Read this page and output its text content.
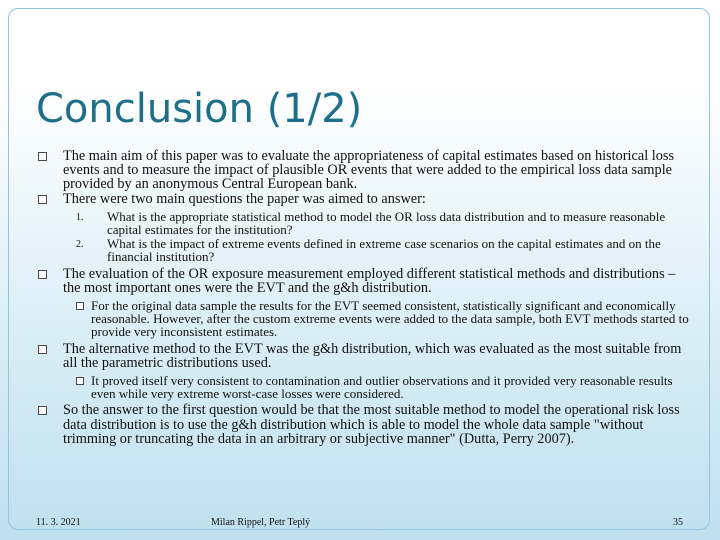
Conclusion (1/2)
The main aim of this paper was to evaluate the appropriateness of capital estimates based on historical loss events and to measure the impact of plausible OR events that were added to the empirical loss data sample provided by an anonymous Central European bank.
There were two main questions the paper was aimed to answer:
1. What is the appropriate statistical method to model the OR loss data distribution and to measure reasonable capital estimates for the institution?
2. What is the impact of extreme events defined in extreme case scenarios on the capital estimates and on the financial institution?
The evaluation of the OR exposure measurement employed different statistical methods and distributions – the most important ones were the EVT and the g&h distribution.
For the original data sample the results for the EVT seemed consistent, statistically significant and economically reasonable. However, after the custom extreme events were added to the data sample, both EVT methods started to provide very inconsistent estimates.
The alternative method to the EVT was the g&h distribution, which was evaluated as the most suitable from all the parametric distributions used.
It proved itself very consistent to contamination and outlier observations and it provided very reasonable results even while very extreme worst-case losses were considered.
So the answer to the first question would be that the most suitable method to model the operational risk loss data distribution is to use the g&h distribution which is able to model the whole data sample "without trimming or truncating the data in an arbitrary or subjective manner" (Dutta, Perry 2007).
11. 3. 2021	Milan Rippel, Petr Teplý	35
